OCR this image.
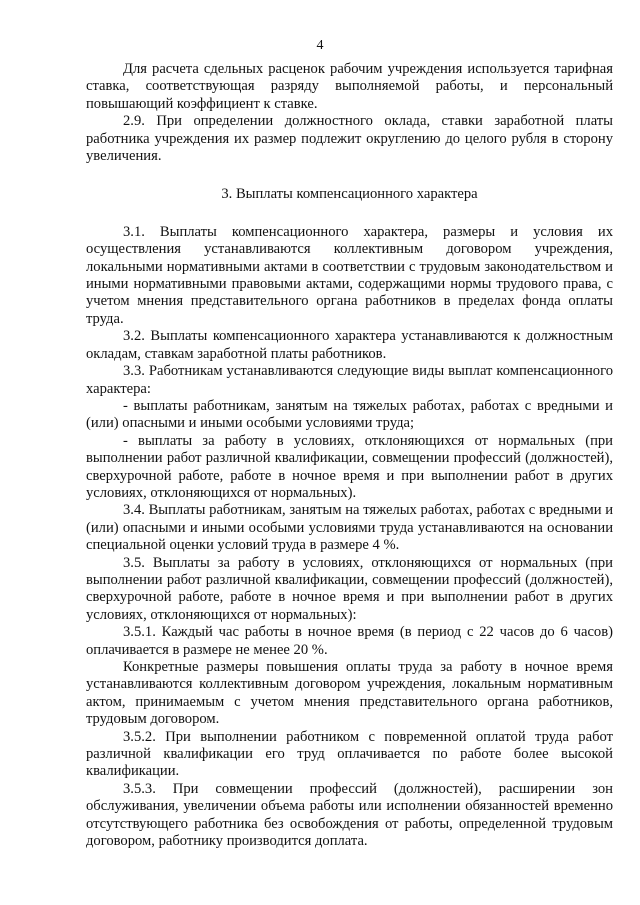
4

Для расчета сдельных расценок рабочим учреждения используется тарифная ставка, соответствующая разряду выполняемой работы, и персональный повышающий коэффициент к ставке.

2.9. При определении должностного оклада, ставки заработной платы работника учреждения их размер подлежит округлению до целого рубля в сторону увеличения.

3. Выплаты компенсационного характера

3.1. Выплаты компенсационного характера, размеры и условия их осуществления устанавливаются коллективным договором учреждения, локальными нормативными актами в соответствии с трудовым законодательством и иными нормативными правовыми актами, содержащими нормы трудового права, с учетом мнения представительного органа работников в пределах фонда оплаты труда.

3.2. Выплаты компенсационного характера устанавливаются к должностным окладам, ставкам заработной платы работников.

3.3. Работникам устанавливаются следующие виды выплат компенсационного характера:

- выплаты работникам, занятым на тяжелых работах, работах с вредными и (или) опасными и иными особыми условиями труда;

- выплаты за работу в условиях, отклоняющихся от нормальных (при выполнении работ различной квалификации, совмещении профессий (должностей), сверхурочной работе, работе в ночное время и при выполнении работ в других условиях, отклоняющихся от нормальных).

3.4. Выплаты работникам, занятым на тяжелых работах, работах с вредными и (или) опасными и иными особыми условиями труда устанавливаются на основании специальной оценки условий труда в размере 4 %.

3.5. Выплаты за работу в условиях, отклоняющихся от нормальных (при выполнении работ различной квалификации, совмещении профессий (должностей), сверхурочной работе, работе в ночное время и при выполнении работ в других условиях, отклоняющихся от нормальных):

3.5.1. Каждый час работы в ночное время (в период с 22 часов до 6 часов) оплачивается в размере не менее 20 %.

Конкретные размеры повышения оплаты труда за работу в ночное время устанавливаются коллективным договором учреждения, локальным нормативным актом, принимаемым с учетом мнения представительного органа работников, трудовым договором.

3.5.2. При выполнении работником с повременной оплатой труда работ различной квалификации его труд оплачивается по работе более высокой квалификации.

3.5.3. При совмещении профессий (должностей), расширении зон обслуживания, увеличении объема работы или исполнении обязанностей временно отсутствующего работника без освобождения от работы, определенной трудовым договором, работнику производится доплата.
